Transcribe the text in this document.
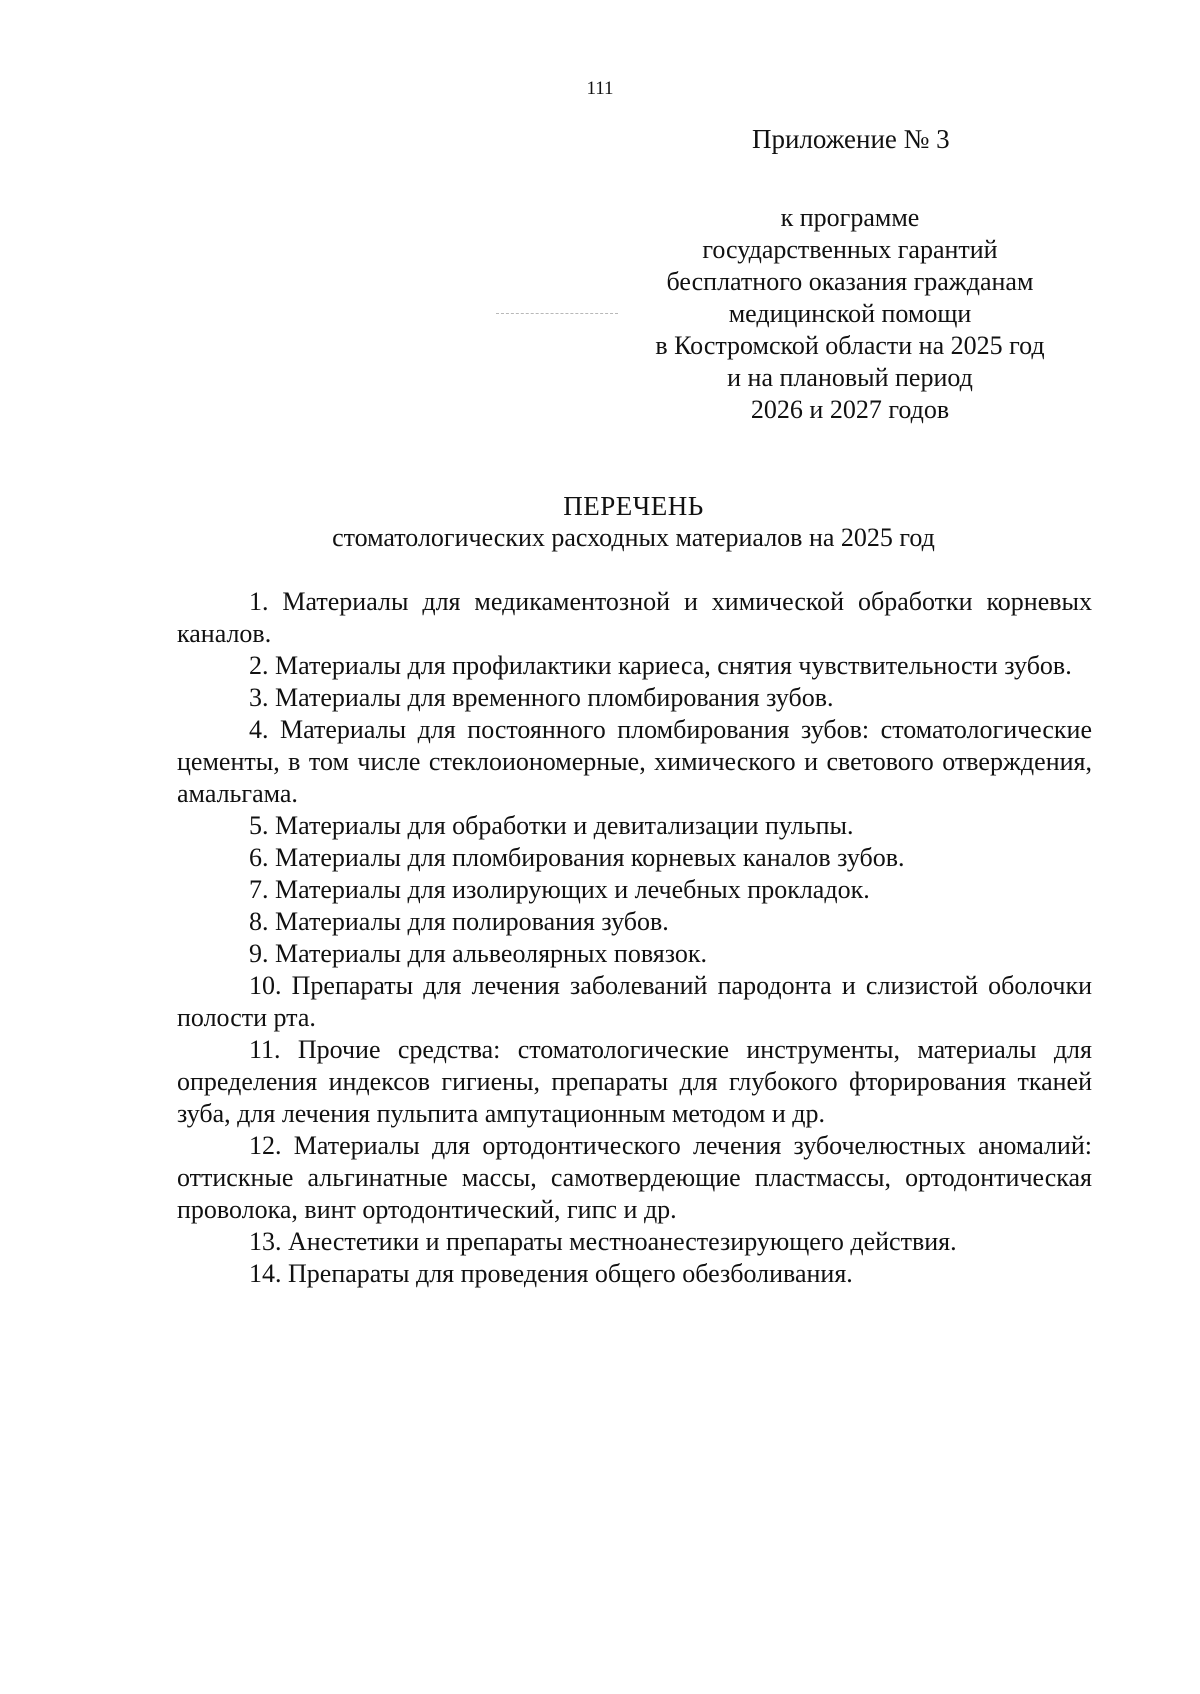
111
Приложение № 3
к программе
государственных гарантий
бесплатного оказания гражданам
медицинской помощи
в Костромской области на 2025 год
и на плановый период
2026 и 2027 годов
ПЕРЕЧЕНЬ
стоматологических расходных материалов на 2025 год
1. Материалы для медикаментозной и химической обработки корневых каналов.
2. Материалы для профилактики кариеса, снятия чувствительности зубов.
3. Материалы для временного пломбирования зубов.
4. Материалы для постоянного пломбирования зубов: стоматологические цементы, в том числе стеклоиономерные, химического и светового отверждения, амальгама.
5. Материалы для обработки и девитализации пульпы.
6. Материалы для пломбирования корневых каналов зубов.
7. Материалы для изолирующих и лечебных прокладок.
8. Материалы для полирования зубов.
9. Материалы для альвеолярных повязок.
10. Препараты для лечения заболеваний пародонта и слизистой оболочки полости рта.
11. Прочие средства: стоматологические инструменты, материалы для определения индексов гигиены, препараты для глубокого фторирования тканей зуба, для лечения пульпита ампутационным методом и др.
12. Материалы для ортодонтического лечения зубочелюстных аномалий: оттискные альгинатные массы, самотвердеющие пластмассы, ортодонтическая проволока, винт ортодонтический, гипс и др.
13. Анестетики и препараты местноанестезирующего действия.
14. Препараты для проведения общего обезболивания.
